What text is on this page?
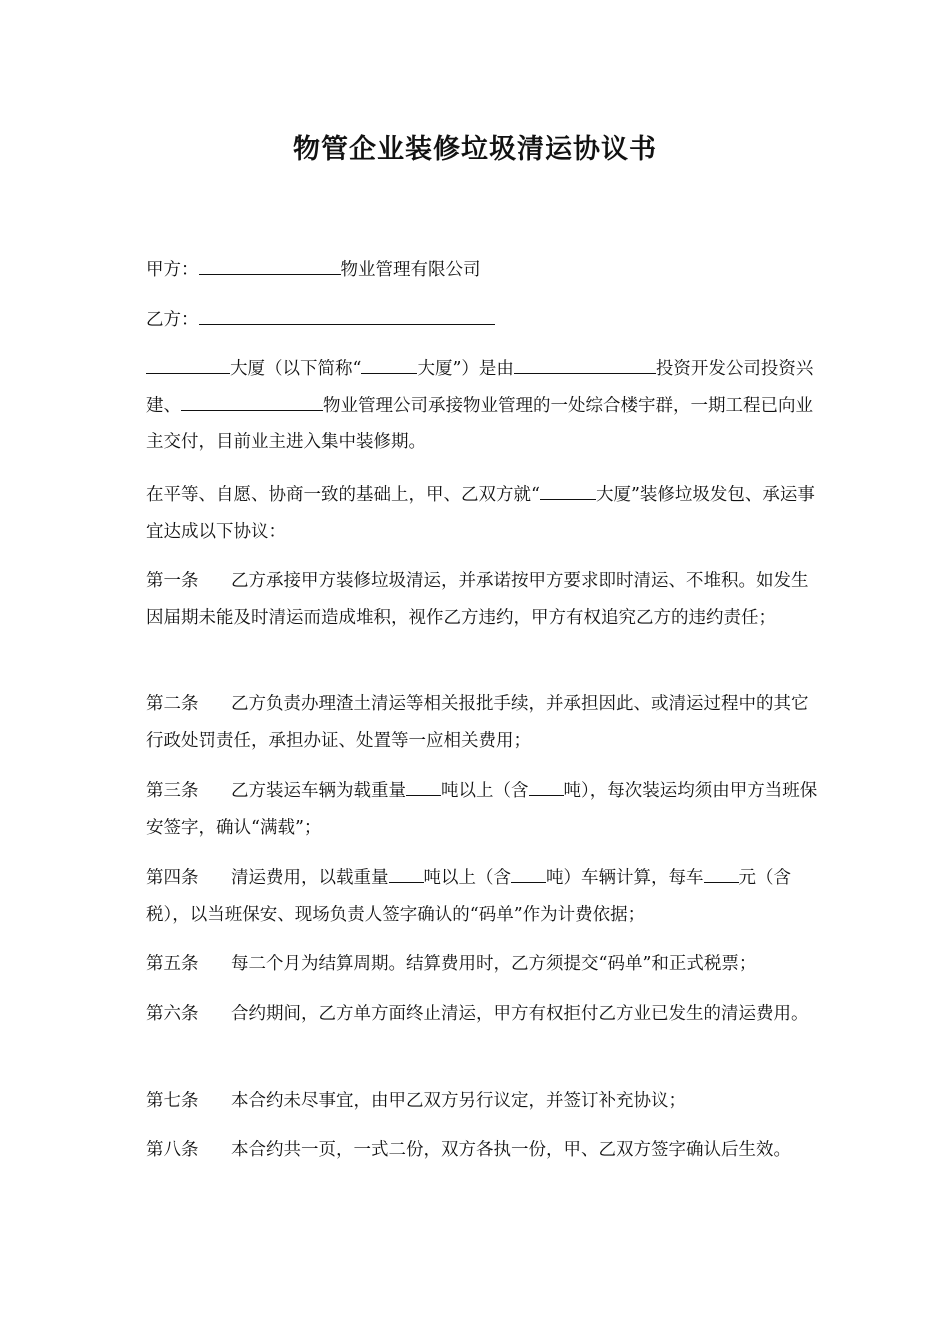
物管企业装修垃圾清运协议书
甲方：	物业管理有限公司
乙方：
大厦（以下简称“	大厦”）是由	投资开发公司投资兴建、	物业管理公司承接物业管理的一处综合楼宇群，一期工程已向业主交付，目前业主进入集中装修期。
在平等、自愿、协商一致的基础上，甲、乙双方就“	大厦”装修垃圾发包、承运事宜达成以下协议：
第一条 乙方承接甲方装修垃圾清运，并承诺按甲方要求即时清运、不堆积。如发生因届期未能及时清运而造成堆积，视作乙方违约，甲方有权追究乙方的违约责任；
第二条 乙方负责办理渣土清运等相关报批手续，并承担因此、或清运过程中的其它行政处罚责任，承担办证、处置等一应相关费用；
第三条 乙方装运车辆为载重量 吨以上（含 吨），每次装运均须由甲方当班保安签字，确认“满载”；
第四条 清运费用，以载重量 吨以上（含 吨）车辆计算，每车 元（含税），以当班保安、现场负责人签字确认的“码单”作为计费依据；
第五条 每二个月为结算周期。结算费用时，乙方须提交“码单”和正式税票；
第六条 合约期间，乙方单方面终止清运，甲方有权拒付乙方业已发生的清运费用。
第七条 本合约未尽事宜，由甲乙双方另行议定，并签订补充协议；
第八条 本合约共一页，一式二份，双方各执一份，甲、乙双方签字确认后生效。
